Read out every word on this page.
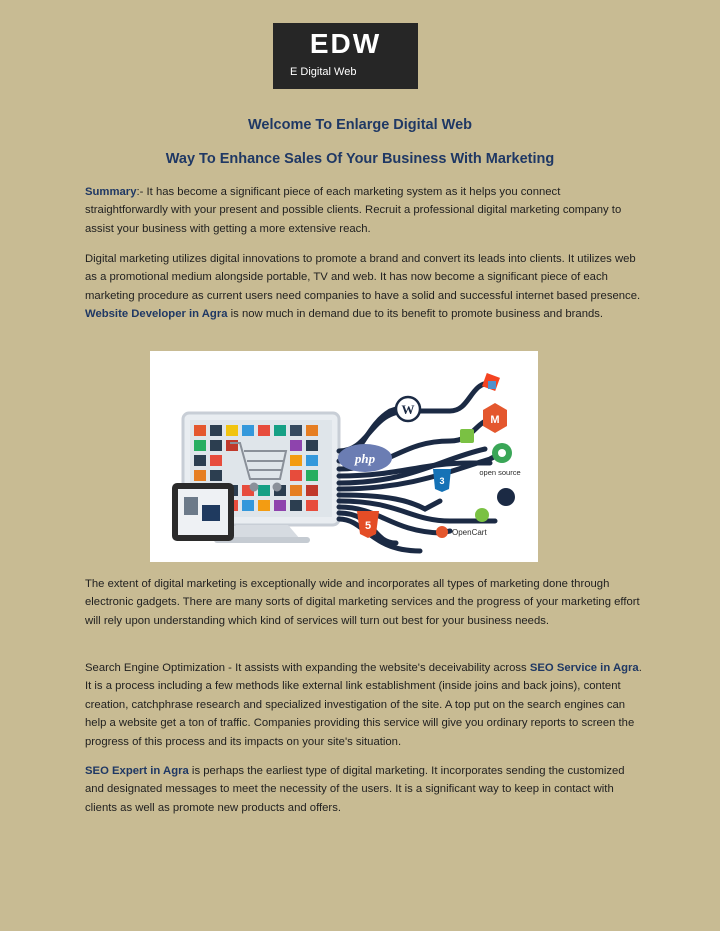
EDW
E Digital Web
Welcome To Enlarge Digital Web
Way To Enhance Sales Of Your Business With Marketing

Summary:- It has become a significant piece of each marketing system as it helps you connect straightforwardly with your present and possible clients. Recruit a professional digital marketing company to assist your business with getting a more extensive reach.

Digital marketing utilizes digital innovations to promote a brand and convert its leads into clients. It utilizes web as a promotional medium alongside portable, TV and web. It has now become a significant piece of each marketing procedure as current users need companies to have a solid and successful internet based presence. Website Developer in Agra is now much in demand due to its benefit to promote business and brands.

php
W
M
open source
3
5
OpenCart

The extent of digital marketing is exceptionally wide and incorporates all types of marketing done through electronic gadgets. There are many sorts of digital marketing services and the progress of your marketing effort will rely upon understanding which kind of services will turn out best for your business needs.

Search Engine Optimization - It assists with expanding the website's deceivability across SEO Service in Agra. It is a process including a few methods like external link establishment (inside joins and back joins), content creation, catchphrase research and specialized investigation of the site. A top put on the search engines can help a website get a ton of traffic. Companies providing this service will give you ordinary reports to screen the progress of this process and its impacts on your site's situation.

SEO Expert in Agra is perhaps the earliest type of digital marketing. It incorporates sending the customized and designated messages to meet the necessity of the users. It is a significant way to keep in contact with clients as well as promote new products and offers.
